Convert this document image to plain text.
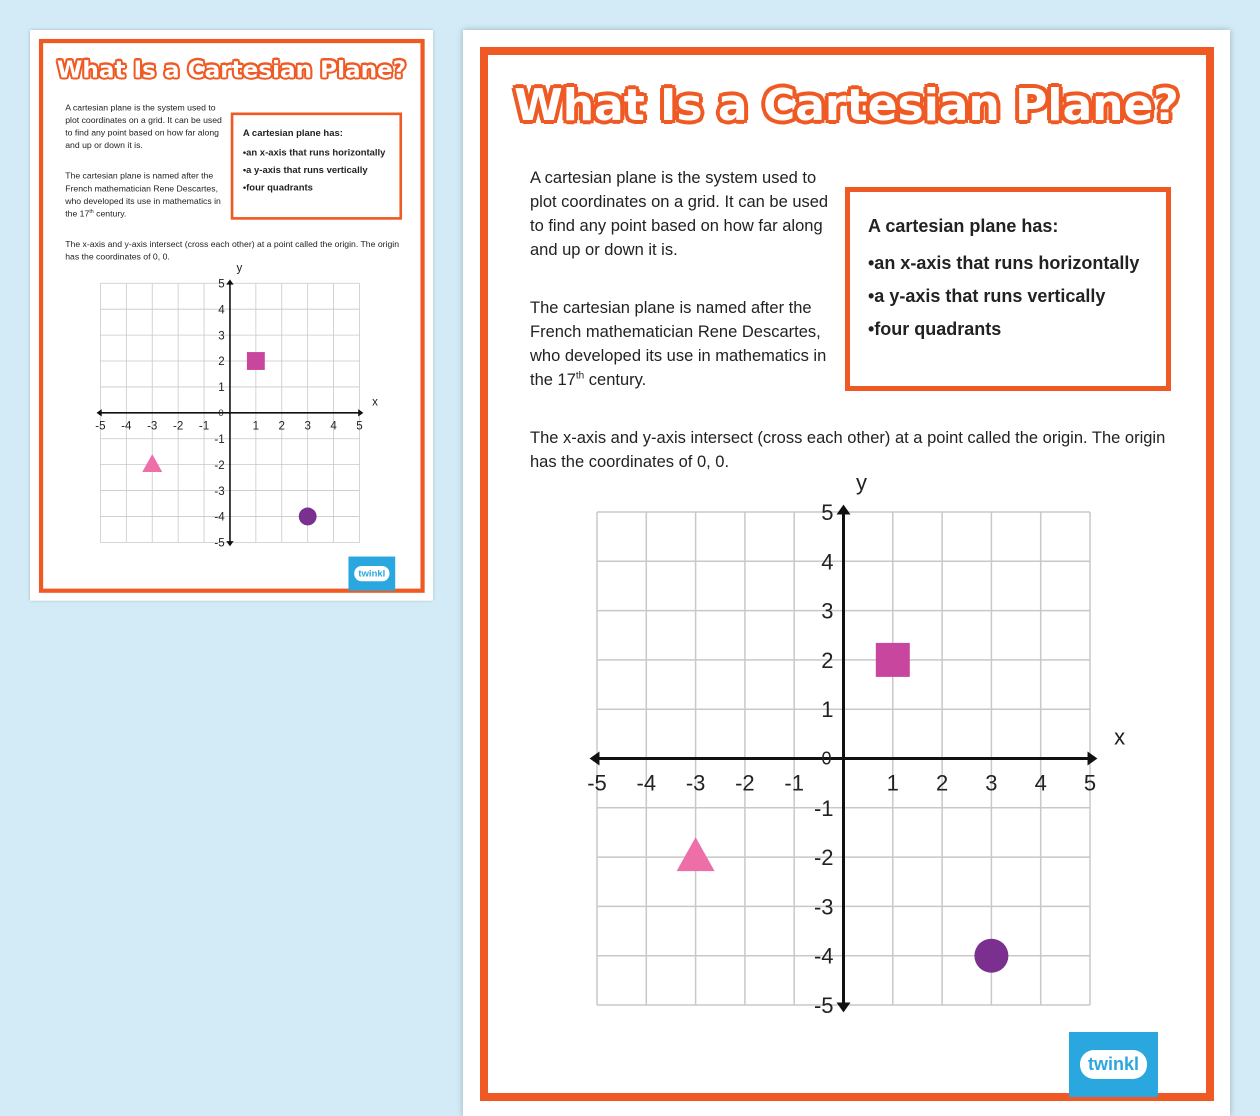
What Is a Cartesian Plane?
A cartesian plane is the system used to plot coordinates on a grid. It can be used to find any point based on how far along and up or down it is.
The cartesian plane is named after the French mathematician Rene Descartes, who developed its use in mathematics in the 17th century.
A cartesian plane has:
•an x-axis that runs horizontally
•a y-axis that runs vertically
•four quadrants
The x-axis and y-axis intersect (cross each other) at a point called the origin. The origin has the coordinates of 0, 0.
-5 -4 -3 -2 -1 1 2 3 4 5
5
4
3
2
1
-1
-2
-3
-4
-5
0
x
y
twinkl
What Is a Cartesian Plane?
A cartesian plane is the system used to plot coordinates on a grid. It can be used to find any point based on how far along and up or down it is.
The cartesian plane is named after the French mathematician Rene Descartes, who developed its use in mathematics in the 17th century.
A cartesian plane has:
•an x-axis that runs horizontally
•a y-axis that runs vertically
•four quadrants
The x-axis and y-axis intersect (cross each other) at a point called the origin. The origin has the coordinates of 0, 0.
-5 -4 -3 -2 -1	1 2 3 4 5
5
4
3
2
1
-1
-2
-3
-4
-5
0
x
y
twinkl
